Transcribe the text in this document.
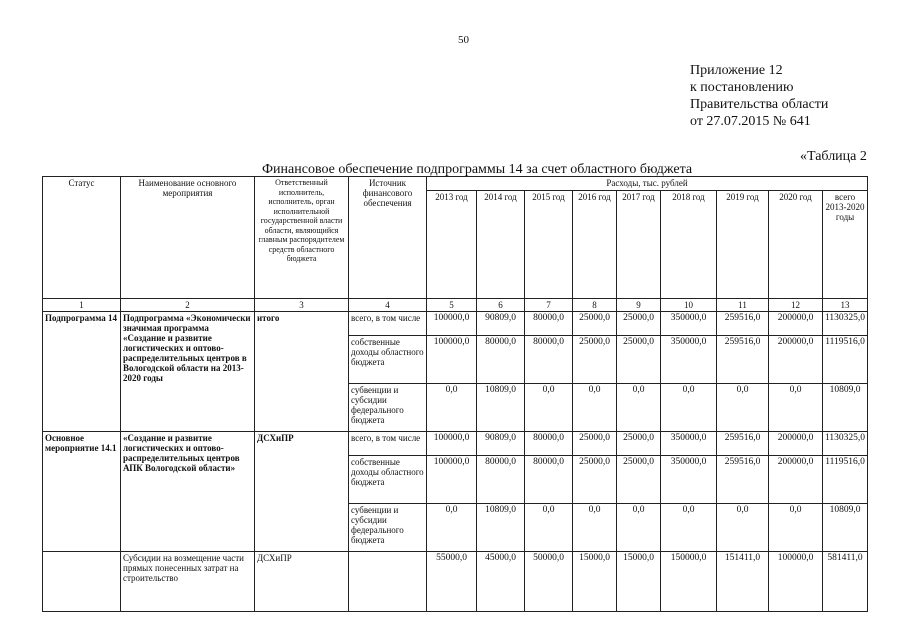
50
Приложение 12
к постановлению
Правительства области
от 27.07.2015 № 641
«Таблица 2
Финансовое обеспечение подпрограммы 14 за счет областного бюджета
Статус	Наименование основного мероприятия	Ответственный исполнитель, исполнитель, орган исполнительной государственной власти области, являющийся главным распорядителем средств областного бюджета	Источник финансового обеспечения	Расходы, тыс. рублей								
				2013 год	2014 год	2015 год	2016 год	2017 год	2018 год	2019 год	2020 год	всего 2013-2020 годы
1	2	3	4	5	6	7	8	9	10	11	12	13
Подпрограмма 14	Подпрограмма «Экономически значимая программа «Создание и развитие логистических и оптово-распределительных центров в Вологодской области на 2013-2020 годы	итого	всего, в том числе	100000,0	90809,0	80000,0	25000,0	25000,0	350000,0	259516,0	200000,0	1130325,0
			собственные доходы областного бюджета	100000,0	80000,0	80000,0	25000,0	25000,0	350000,0	259516,0	200000,0	1119516,0
			субвенции и субсидии федерального бюджета	0,0	10809,0	0,0	0,0	0,0	0,0	0,0	0,0	10809,0
Основное мероприятие 14.1	«Создание и развитие логистических и оптово-распределительных центров АПК Вологодской области»	ДСХиПР	всего, в том числе	100000,0	90809,0	80000,0	25000,0	25000,0	350000,0	259516,0	200000,0	1130325,0
			собственные доходы областного бюджета	100000,0	80000,0	80000,0	25000,0	25000,0	350000,0	259516,0	200000,0	1119516,0
			субвенции и субсидии федерального бюджета	0,0	10809,0	0,0	0,0	0,0	0,0	0,0	0,0	10809,0
	Субсидии на возмещение части прямых понесенных затрат на строительство	ДСХиПР		55000,0	45000,0	50000,0	15000,0	15000,0	150000,0	151411,0	100000,0	581411,0
